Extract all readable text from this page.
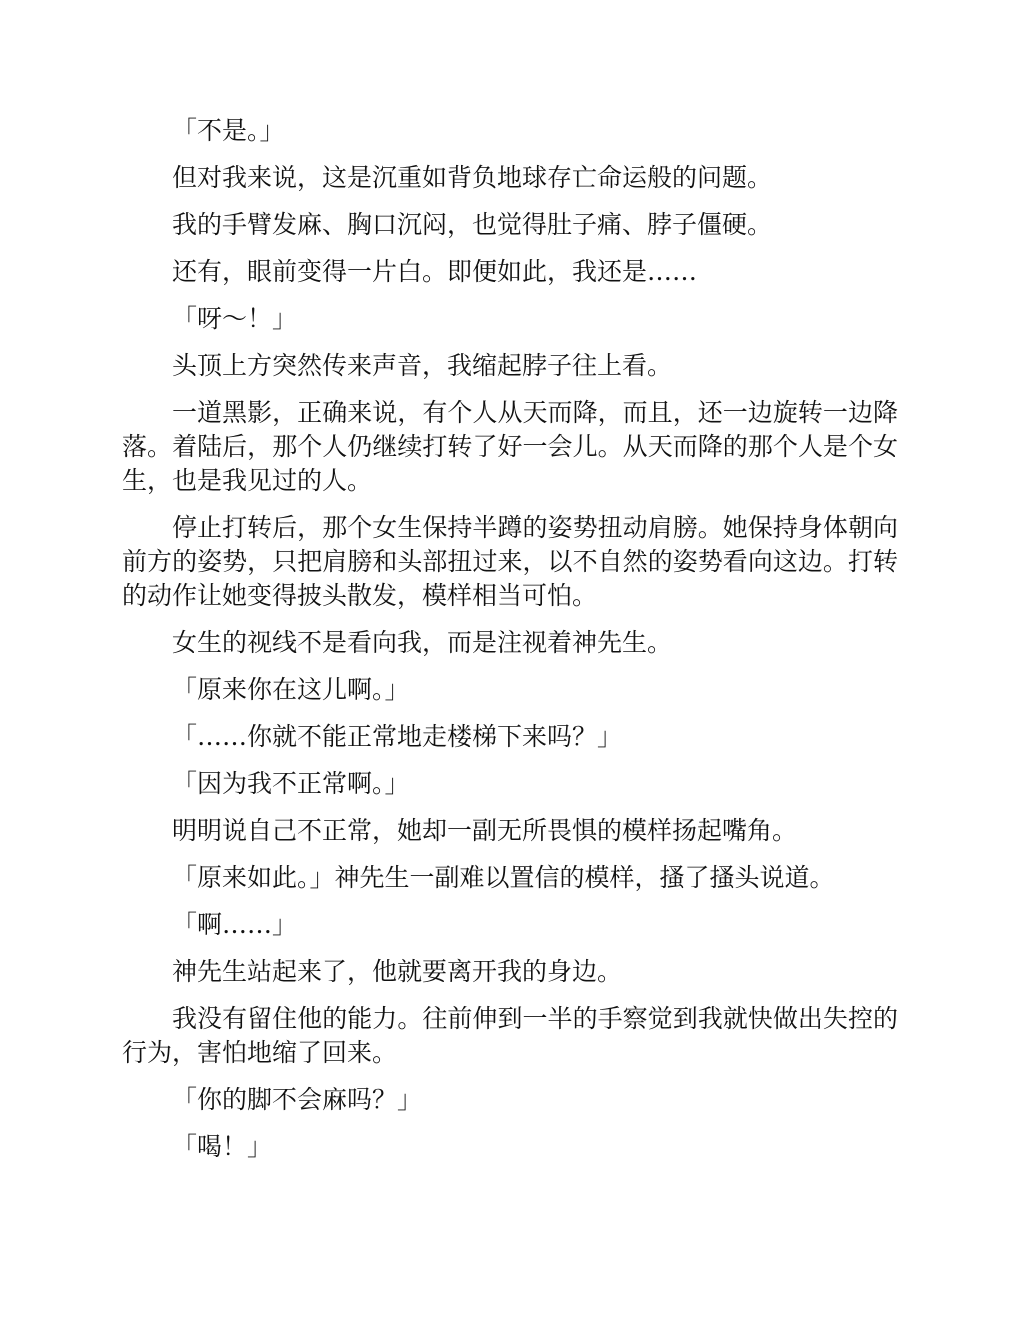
「不是。」

但对我来说，这是沉重如背负地球存亡命运般的问题。

我的手臂发麻、胸口沉闷，也觉得肚子痛、脖子僵硬。

还有，眼前变得一片白。即便如此，我还是……

「呀～！」

头顶上方突然传来声音，我缩起脖子往上看。

一道黑影，正确来说，有个人从天而降，而且，还一边旋转一边降落。着陆后，那个人仍继续打转了好一会儿。从天而降的那个人是个女生，也是我见过的人。

停止打转后，那个女生保持半蹲的姿势扭动肩膀。她保持身体朝向前方的姿势，只把肩膀和头部扭过来，以不自然的姿势看向这边。打转的动作让她变得披头散发，模样相当可怕。

女生的视线不是看向我，而是注视着神先生。

「原来你在这儿啊。」

「……你就不能正常地走楼梯下来吗？」

「因为我不正常啊。」

明明说自己不正常，她却一副无所畏惧的模样扬起嘴角。

「原来如此。」神先生一副难以置信的模样，搔了搔头说道。

「啊……」

神先生站起来了，他就要离开我的身边。

我没有留住他的能力。往前伸到一半的手察觉到我就快做出失控的行为，害怕地缩了回来。

「你的脚不会麻吗？」

「喝！」
